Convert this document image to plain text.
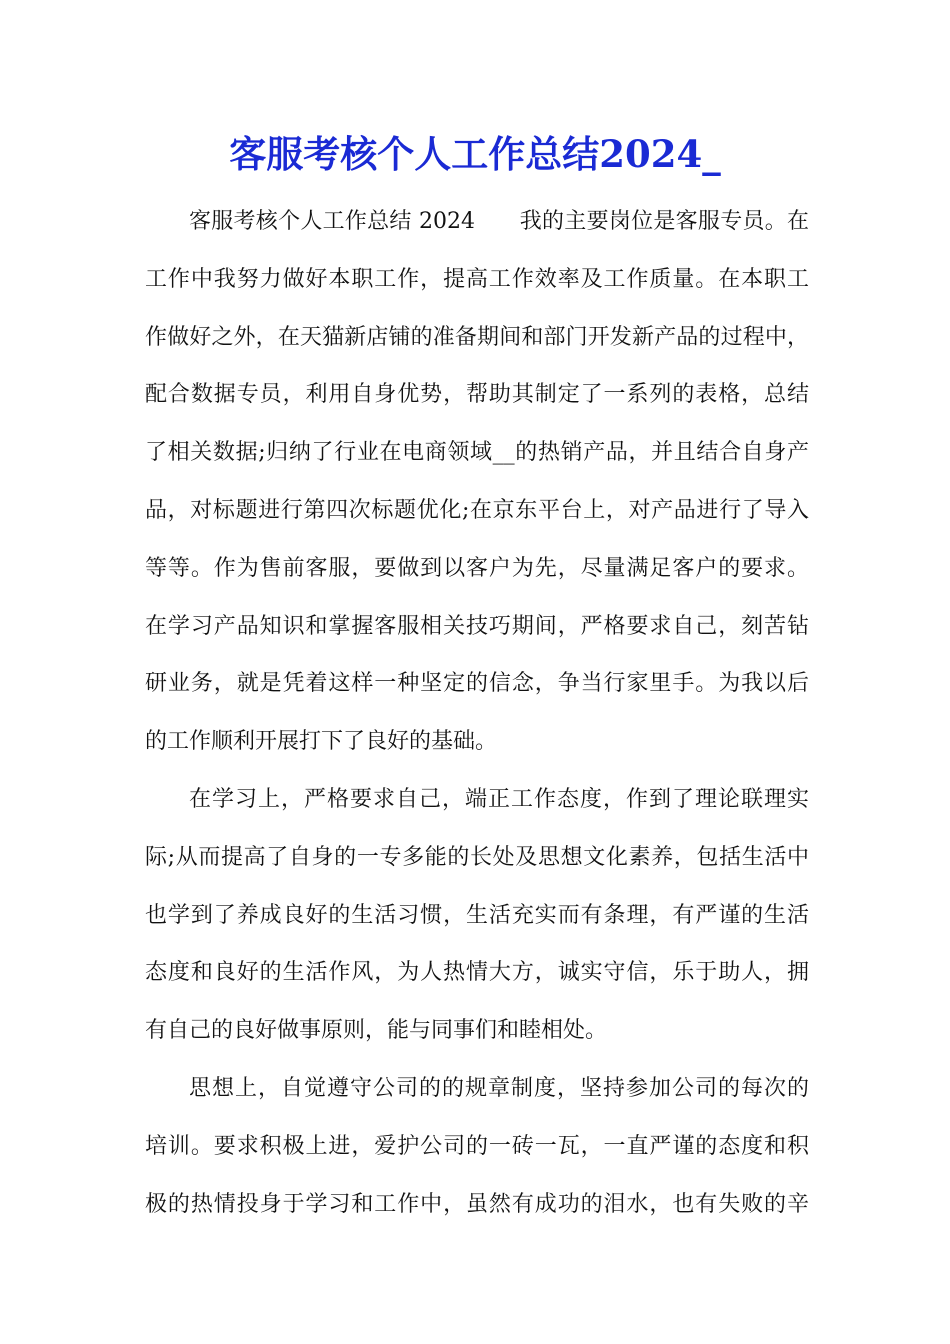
客服考核个人工作总结2024_
客服考核个人工作总结 2024　　我的主要岗位是客服专员。在
工作中我努力做好本职工作，提高工作效率及工作质量。在本职工
作做好之外，在天猫新店铺的准备期间和部门开发新产品的过程中，
配合数据专员，利用自身优势，帮助其制定了一系列的表格，总结
了相关数据;归纳了行业在电商领域__的热销产品，并且结合自身产
品，对标题进行第四次标题优化;在京东平台上，对产品进行了导入
等等。作为售前客服，要做到以客户为先，尽量满足客户的要求。
在学习产品知识和掌握客服相关技巧期间，严格要求自己，刻苦钻
研业务，就是凭着这样一种坚定的信念，争当行家里手。为我以后
的工作顺利开展打下了良好的基础。
在学习上，严格要求自己，端正工作态度，作到了理论联理实
际;从而提高了自身的一专多能的长处及思想文化素养，包括生活中
也学到了养成良好的生活习惯，生活充实而有条理，有严谨的生活
态度和良好的生活作风，为人热情大方，诚实守信，乐于助人，拥
有自己的良好做事原则，能与同事们和睦相处。
思想上，自觉遵守公司的的规章制度，坚持参加公司的每次的
培训。要求积极上进，爱护公司的一砖一瓦，一直严谨的态度和积
极的热情投身于学习和工作中，虽然有成功的泪水，也有失败的辛
